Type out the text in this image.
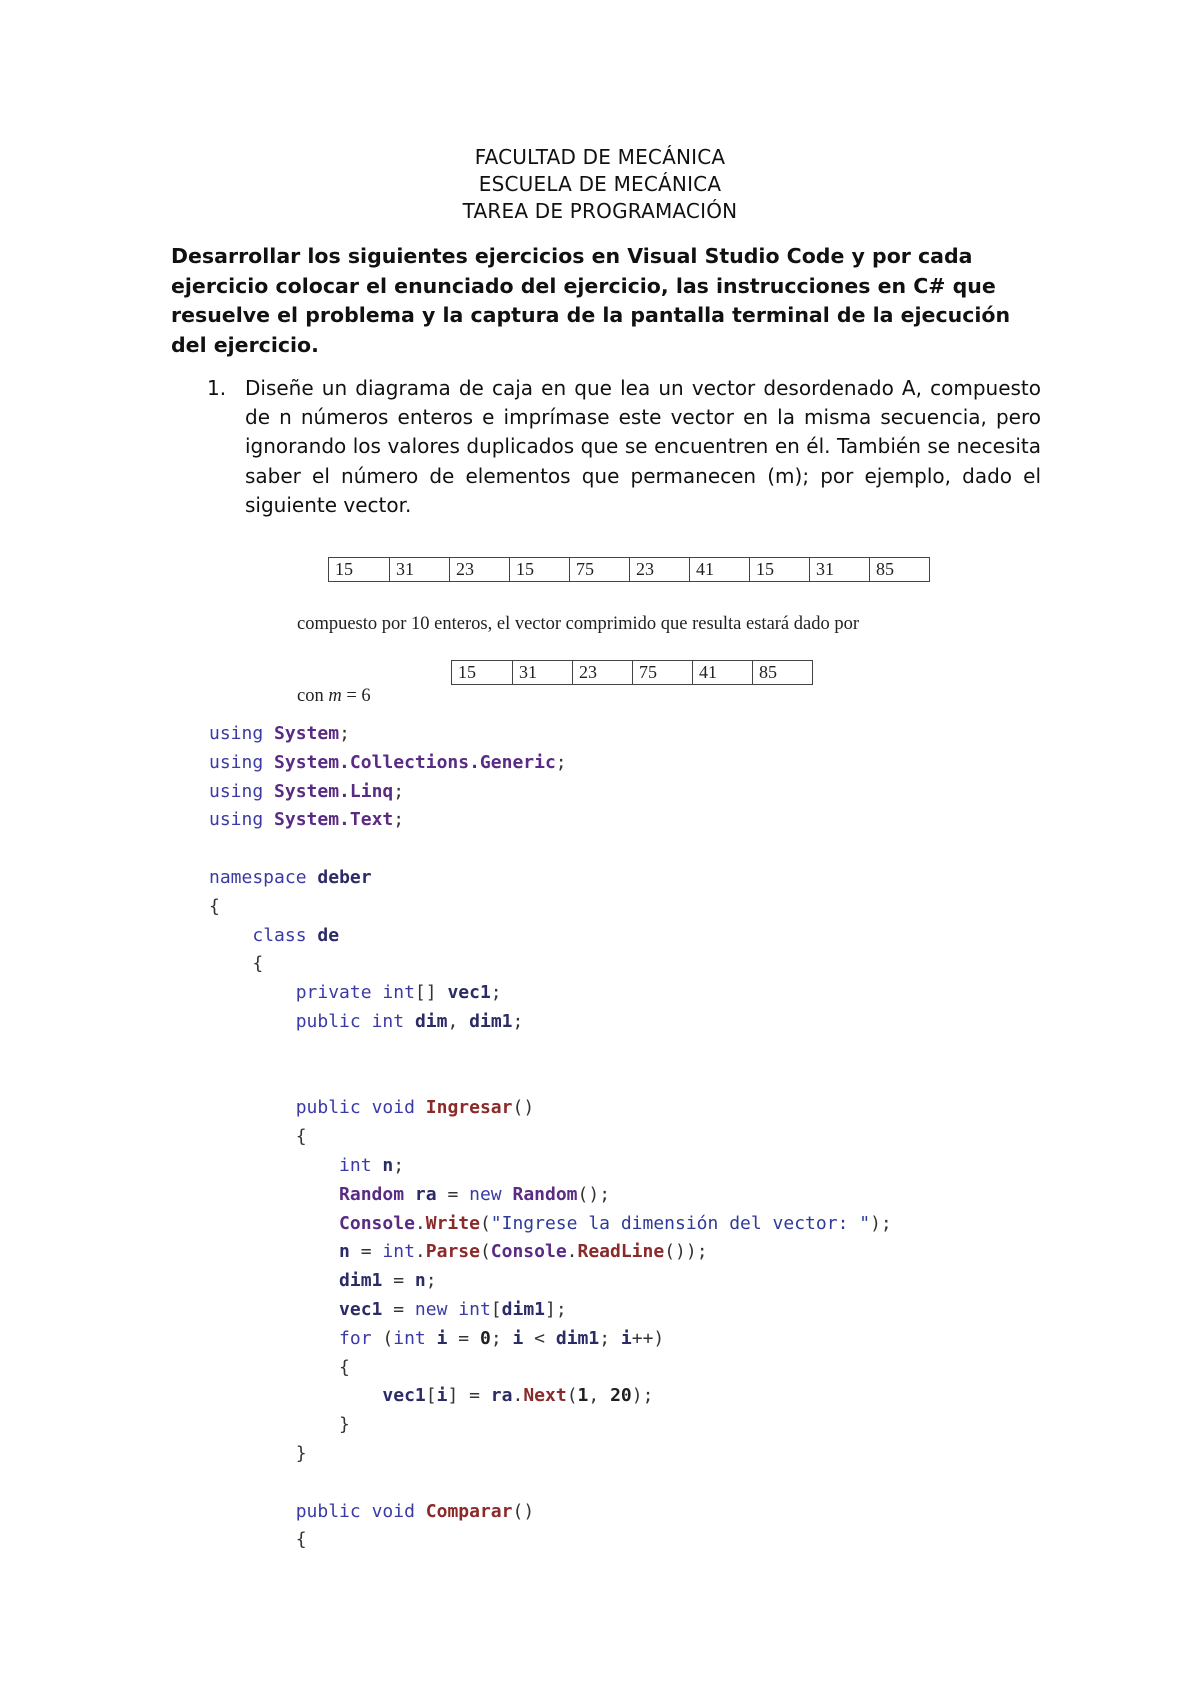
FACULTAD DE MECÁNICA
ESCUELA DE MECÁNICA
TAREA DE PROGRAMACIÓN
Desarrollar los siguientes ejercicios en Visual Studio Code y por cada ejercicio colocar el enunciado del ejercicio, las instrucciones en C# que resuelve el problema y la captura de la pantalla terminal de la ejecución del ejercicio.
1. Diseñe un diagrama de caja en que lea un vector desordenado A, compuesto de n números enteros e imprímase este vector en la misma secuencia, pero ignorando los valores duplicados que se encuentren en él. También se necesita saber el número de elementos que permanecen (m); por ejemplo, dado el siguiente vector.
15	31	23	15	75	23	41	15	31	85
compuesto por 10 enteros, el vector comprimido que resulta estará dado por
15	31	23	75	41	85
con m = 6
using System;
using System.Collections.Generic;
using System.Linq;
using System.Text;

namespace deber
{
class de
{
private int[] vec1;
public int dim, dim1;

public void Ingresar()
{
int n;
Random ra = new Random();
Console.Write("Ingrese la dimensión del vector: ");
n = int.Parse(Console.ReadLine());
dim1 = n;
vec1 = new int[dim1];
for (int i = 0; i < dim1; i++)
{
vec1[i] = ra.Next(1, 20);
}
}

public void Comparar()
{
